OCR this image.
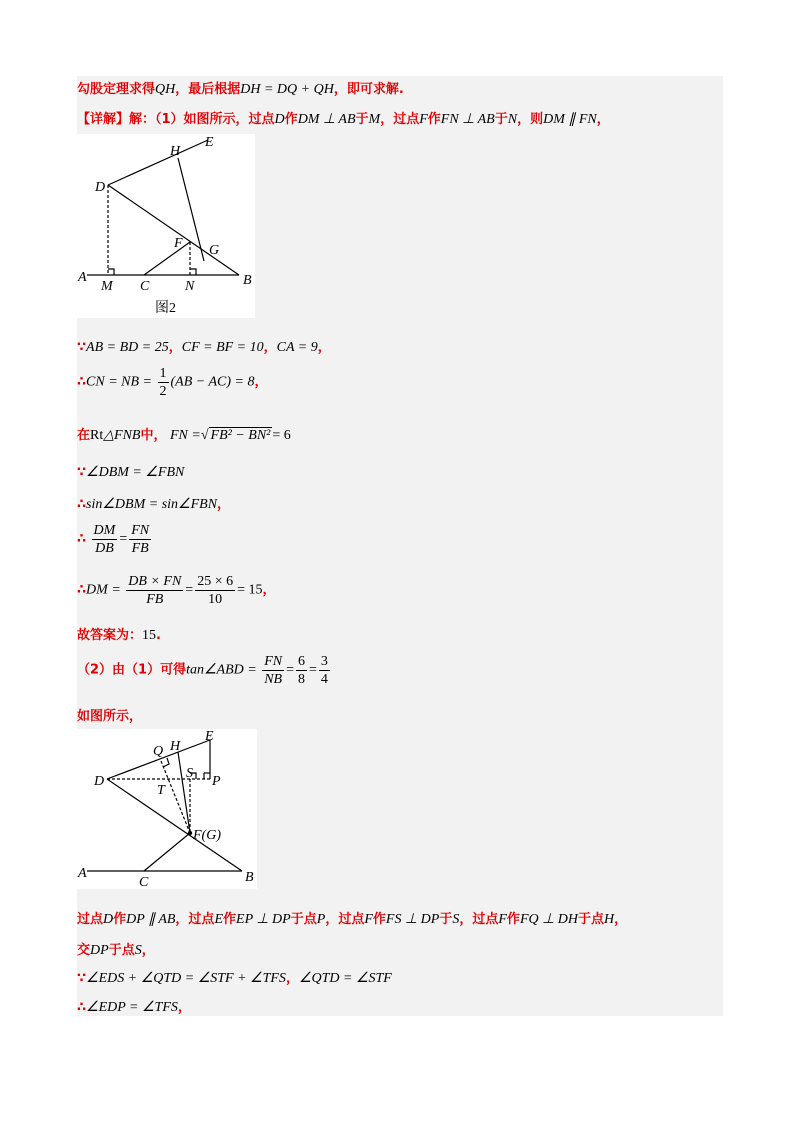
勾股定理求得QH，最后根据DH = DQ + QH，即可求解.
【详解】解：（1）如图所示，过点D作DM ⊥ AB于M，过点F作FN ⊥ AB于N，则DM ∥ FN，
H
E
D
F G
A
M C	N	B
图2
∵AB = BD = 25，CF = BF = 10，CA = 9，
∴CN = NB = $\frac{1}{2} (AB - AC) = 8$，
在Rt△FNB中， FN =√ FB² − BN² = 6
∵∠DBM = ∠FBN
∴sin∠DBM = sin∠FBN，
∴ $\frac{DM}{DB} = \frac{FN}{FB}$
∴DM = $\frac{DB \times FN}{FB} = \frac{25 \times 6}{10} = 15$，
故答案为：15.
（2）由（1）可得tan∠ABD = $\frac{FN}{NB} = \frac{6}{8} = \frac{3}{4}$
如图所示，
Q H
E
D
S
P
T
F(G)
A
C	B
过点D作DP ∥ AB，过点E作EP ⊥ DP于点P，过点F作FS ⊥ DP于S，过点F作FQ ⊥ DH于点H，
交DP于点S，
∵∠EDS + ∠QTD = ∠STF + ∠TFS，∠QTD = ∠STF
∴∠EDP = ∠TFS，
